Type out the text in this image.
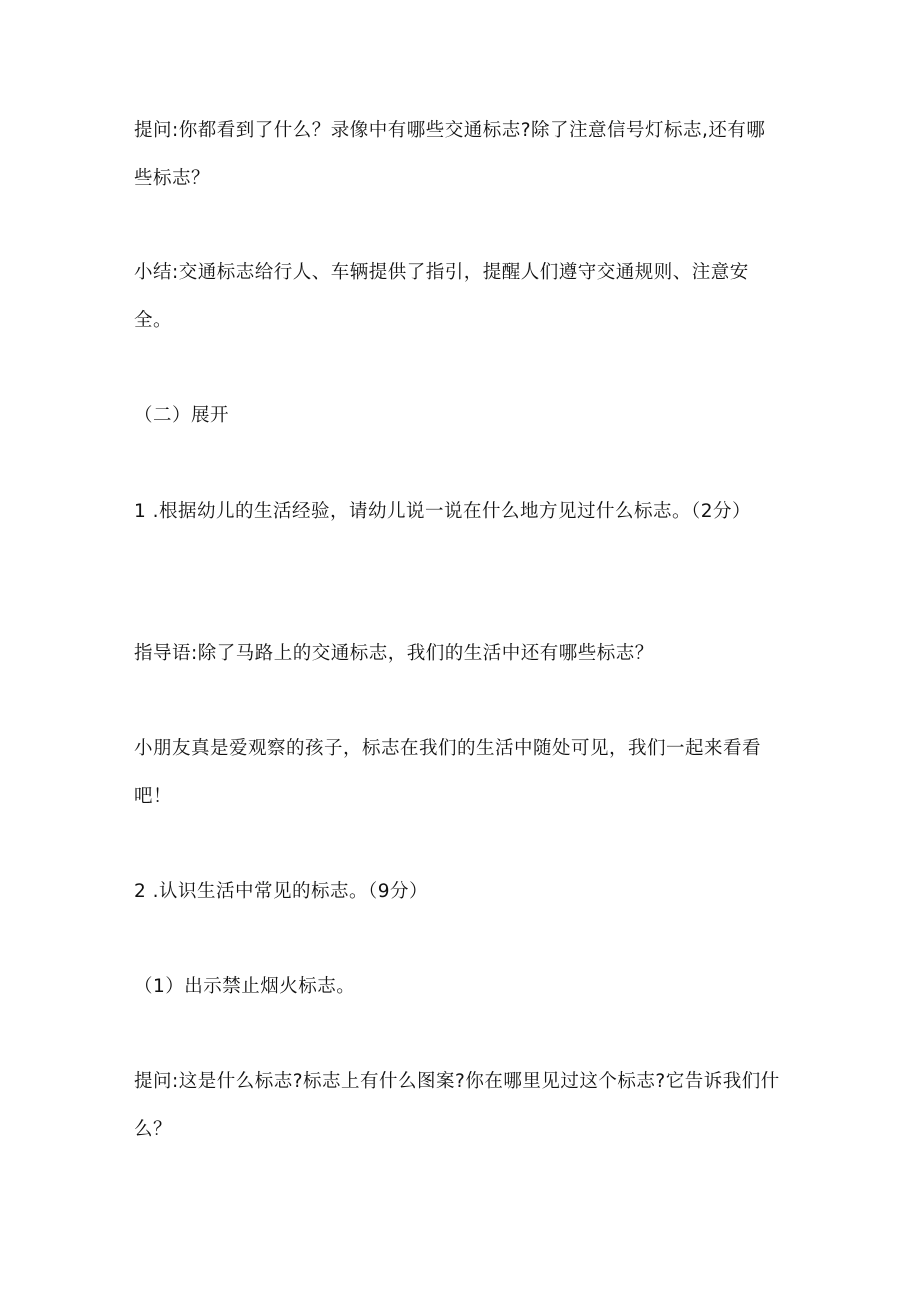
提问:你都看到了什么？录像中有哪些交通标志?除了注意信号灯标志,还有哪些标志？

小结:交通标志给行人、车辆提供了指引，提醒人们遵守交通规则、注意安全。

（二）展开

1 .根据幼儿的生活经验，请幼儿说一说在什么地方见过什么标志。（2分）

指导语:除了马路上的交通标志，我们的生活中还有哪些标志？

小朋友真是爱观察的孩子，标志在我们的生活中随处可见，我们一起来看看吧！

2 .认识生活中常见的标志。（9分）

（1）出示禁止烟火标志。

提问:这是什么标志?标志上有什么图案?你在哪里见过这个标志?它告诉我们什么？
